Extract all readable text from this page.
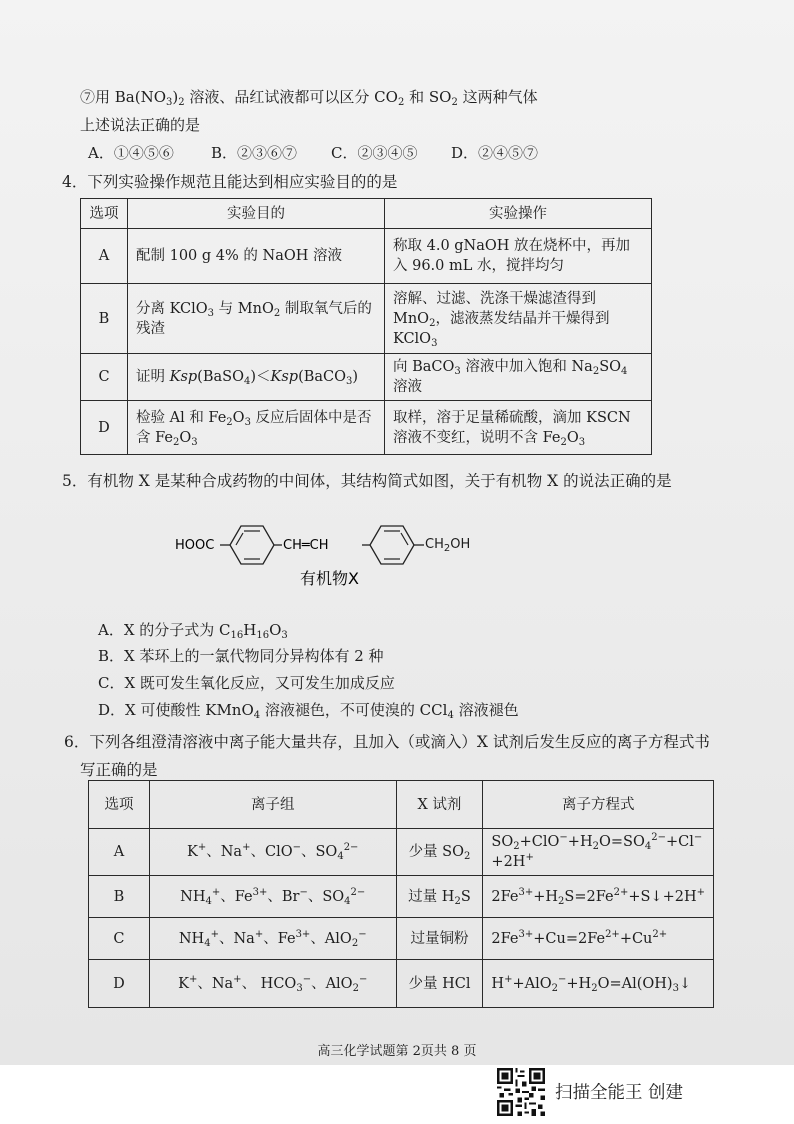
⑦用 $Ba(NO_3)_2$ 溶液、品红试液都可以区分 $CO_2$ 和 $SO_2$ 这两种气体
上述说法正确的是
A．①④⑤⑥ B．②③⑥⑦ C．②③④⑤ D．②④⑤⑦
4．下列实验操作规范且能达到相应实验目的的是
选项	实验目的	实验操作
A	配制 100 g 4% 的 NaOH 溶液	称取 4.0 gNaOH 放在烧杯中，再加入 96.0 mL 水，搅拌均匀
B	分离 KClO$_3$ 与 MnO$_2$ 制取氧气后的残渣	溶解、过滤、洗涤干燥滤渣得到 MnO$_2$，滤液蒸发结晶并干燥得到 KClO$_3$
C	证明 Ksp(BaSO$_4$)＜Ksp(BaCO$_3$)	向 BaCO$_3$ 溶液中加入饱和 $Na_2SO_4$ 溶液
D	检验 Al 和 $Fe_2O_3$ 反应后固体中是否含 $Fe_2O_3$	取样，溶于足量稀硫酸，滴加 KSCN 溶液不变红，说明不含 $Fe_2O_3$
5．有机物 X 是某种合成药物的中间体，其结构简式如图，关于有机物 X 的说法正确的是
HOOC	CH═CH	$CH_2OH$
有机物X
A．X 的分子式为 $C_{16}H_{16}O_3$
B．X 苯环上的一氯代物同分异构体有 2 种
C．X 既可发生氧化反应，又可发生加成反应
D．X 可使酸性 KMnO$_4$ 溶液褪色，不可使溴的 CCl$_4$ 溶液褪色
6．下列各组澄清溶液中离子能大量共存，且加入（或滴入）X 试剂后发生反应的离子方程式书
写正确的是
选项	离子组	X 试剂	离子方程式
A	K+、Na+、ClO−、$SO_4^{2-}$	少量 $SO_2$	$SO_2+ClO^-+H_2O=SO_4^{2-}+Cl^-+2H^+$
B	$NH_4^+$、$Fe^{3+}$、Br−、$SO_4^{2-}$	过量 $H_2S$	$2Fe^{3+}+H_2S=2Fe^{2+}+S↓+2H^+$
C	$NH_4^+$、Na+、$Fe^{3+}$、AlO$_2$−	过量铜粉	$2Fe^{3+}+Cu=2Fe^{2+}+Cu^{2+}$
D	K+、Na+、 $HCO_3^-$、AlO$_2$−	少量 HCl	$H^++AlO_2^-+H_2O=Al(OH)_3↓$
高三化学试题第 2页共 8 页
扫描全能王 创建
